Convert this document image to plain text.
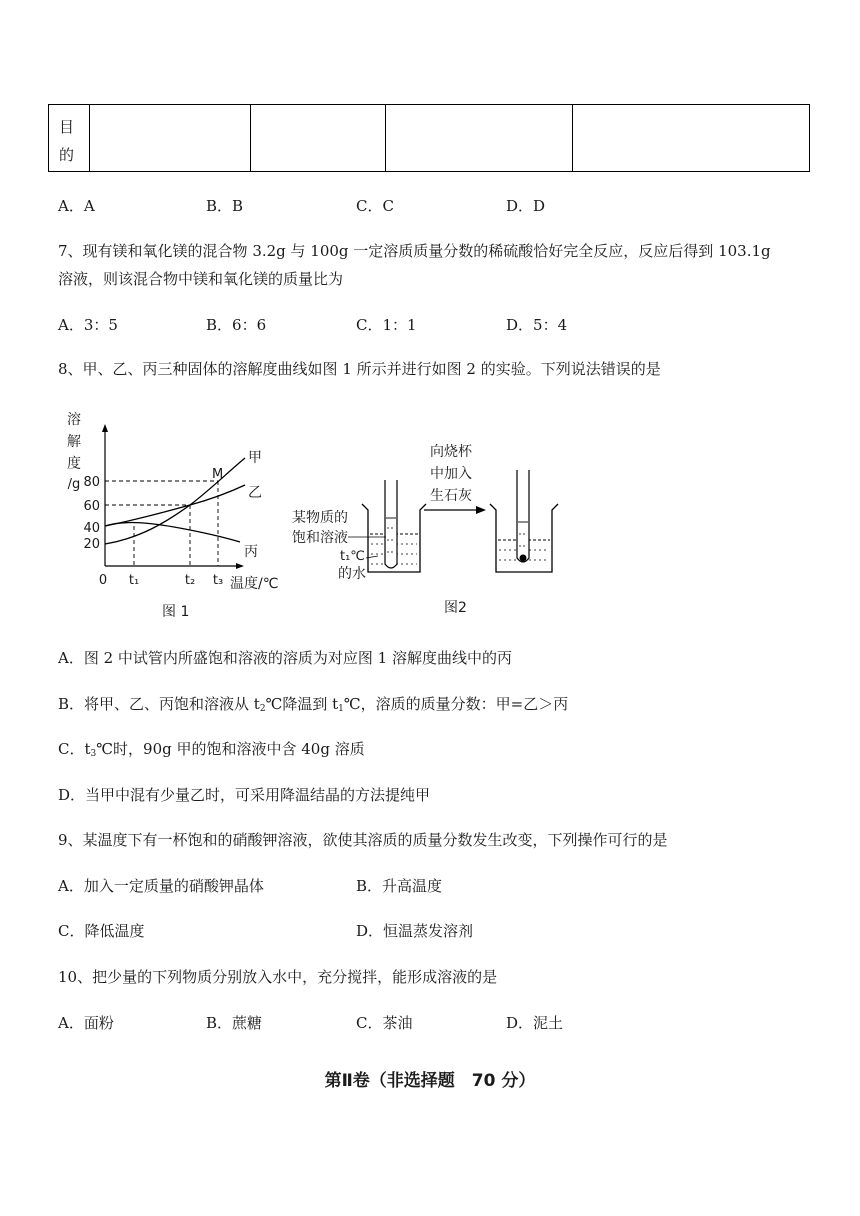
目
的

A．A	B．B	C．C	D．D
7、现有镁和氧化镁的混合物 3.2g 与 100g 一定溶质质量分数的稀硫酸恰好完全反应，反应后得到 103.1g
溶液，则该混合物中镁和氧化镁的质量比为
A．3：5	B．6：6	C．1：1	D．5：4
8、甲、乙、丙三种固体的溶解度曲线如图 1 所示并进行如图 2 的实验。下列说法错误的是
溶
解
度
/g 80
60
40
20
M
甲
乙
丙
0 t₁	t₂ t₃ 温度/℃
图 1
某物质的
饱和溶液
t₁℃
的水
向烧杯
中加入
生石灰
图2
A．图 2 中试管内所盛饱和溶液的溶质为对应图 1 溶解度曲线中的丙
B．将甲、乙、丙饱和溶液从 $t_2℃$降温到 $t_1℃$，溶质的质量分数：甲=乙＞丙
C．$t_3℃$时，90g 甲的饱和溶液中含 40g 溶质
D．当甲中混有少量乙时，可采用降温结晶的方法提纯甲
9、某温度下有一杯饱和的硝酸钾溶液，欲使其溶质的质量分数发生改变，下列操作可行的是
A．加入一定质量的硝酸钾晶体	B．升高温度
C．降低温度	D．恒温蒸发溶剂
10、把少量的下列物质分别放入水中，充分搅拌，能形成溶液的是
A．面粉	B．蔗糖	C．茶油	D．泥土
第Ⅱ卷（非选择题　70 分）
